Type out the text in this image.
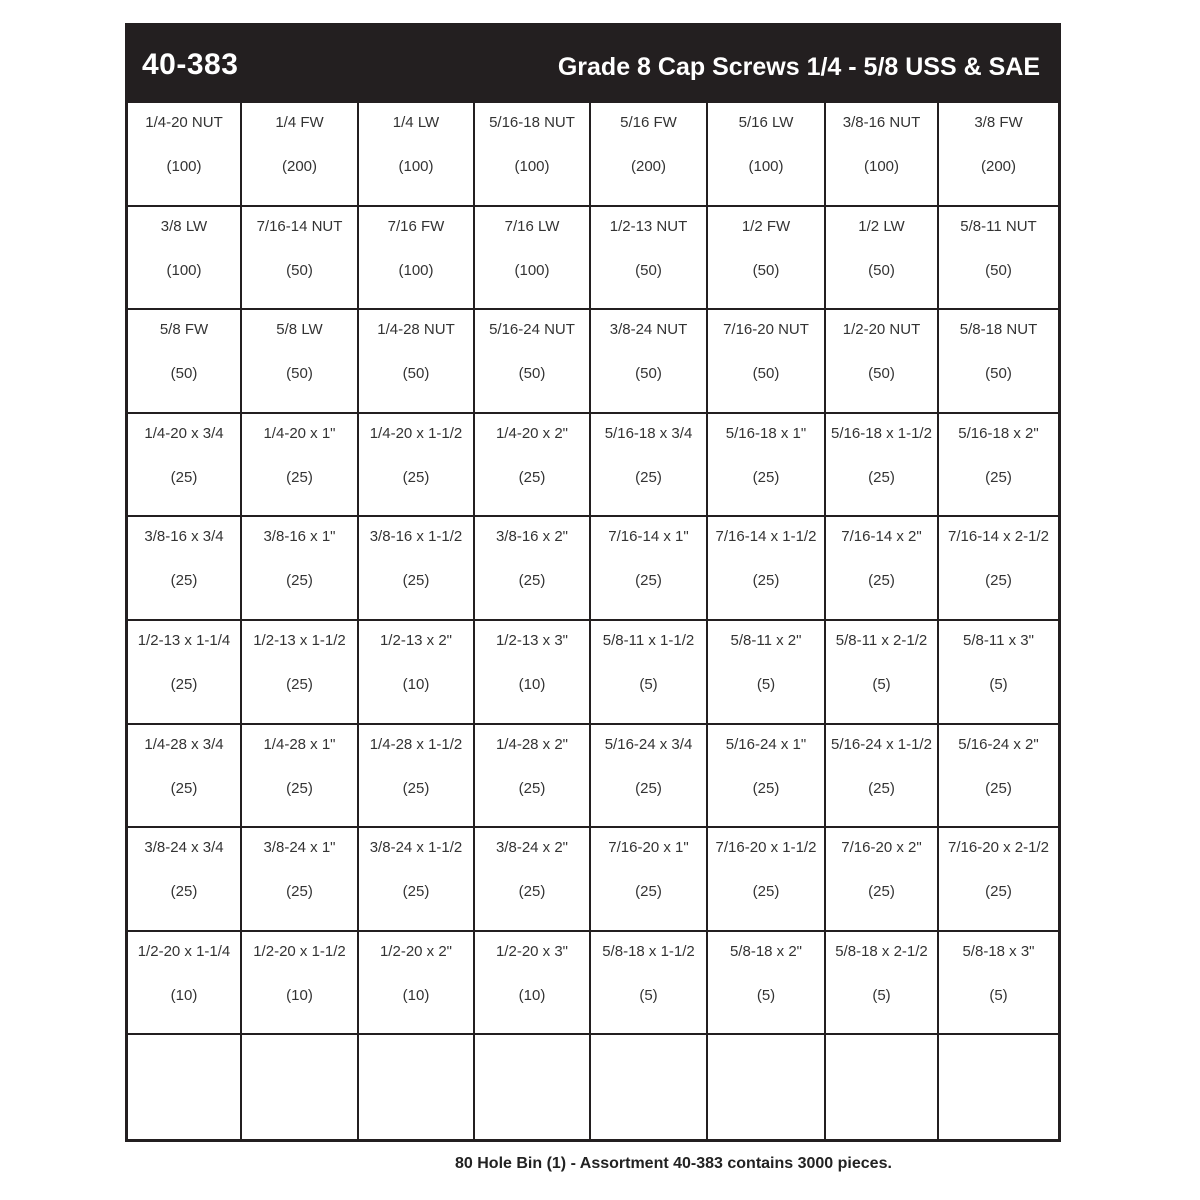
40-383	Grade 8 Cap Screws 1/4 - 5/8 USS & SAE
1/4-20 NUT
(100)
1/4 FW
(200)
1/4 LW
(100)
5/16-18 NUT
(100)
5/16 FW
(200)
5/16 LW
(100)
3/8-16 NUT
(100)
3/8 FW
(200)
3/8 LW
(100)
7/16-14 NUT
(50)
7/16 FW
(100)
7/16 LW
(100)
1/2-13 NUT
(50)
1/2 FW
(50)
1/2 LW
(50)
5/8-11 NUT
(50)
5/8 FW
(50)
5/8 LW
(50)
1/4-28 NUT
(50)
5/16-24 NUT
(50)
3/8-24 NUT
(50)
7/16-20 NUT
(50)
1/2-20 NUT
(50)
5/8-18 NUT
(50)
1/4-20 x 3/4
(25)
1/4-20 x 1"
(25)
1/4-20 x 1-1/2
(25)
1/4-20 x 2"
(25)
5/16-18 x 3/4
(25)
5/16-18 x 1"
(25)
5/16-18 x 1-1/2
(25)
5/16-18 x 2"
(25)
3/8-16 x 3/4
(25)
3/8-16 x 1"
(25)
3/8-16 x 1-1/2
(25)
3/8-16 x 2"
(25)
7/16-14 x 1"
(25)
7/16-14 x 1-1/2
(25)
7/16-14 x 2"
(25)
7/16-14 x 2-1/2
(25)
1/2-13 x 1-1/4
(25)
1/2-13 x 1-1/2
(25)
1/2-13 x 2"
(10)
1/2-13 x 3"
(10)
5/8-11 x 1-1/2
(5)
5/8-11 x 2"
(5)
5/8-11 x 2-1/2
(5)
5/8-11 x 3"
(5)
1/4-28 x 3/4
(25)
1/4-28 x 1"
(25)
1/4-28 x 1-1/2
(25)
1/4-28 x 2"
(25)
5/16-24 x 3/4
(25)
5/16-24 x 1"
(25)
5/16-24 x 1-1/2
(25)
5/16-24 x 2"
(25)
3/8-24 x 3/4
(25)
3/8-24 x 1"
(25)
3/8-24 x 1-1/2
(25)
3/8-24 x 2"
(25)
7/16-20 x 1"
(25)
7/16-20 x 1-1/2
(25)
7/16-20 x 2"
(25)
7/16-20 x 2-1/2
(25)
1/2-20 x 1-1/4
(10)
1/2-20 x 1-1/2
(10)
1/2-20 x 2"
(10)
1/2-20 x 3"
(10)
5/8-18 x 1-1/2
(5)
5/8-18 x 2"
(5)
5/8-18 x 2-1/2
(5)
5/8-18 x 3"
(5)
80 Hole Bin (1) - Assortment 40-383 contains 3000 pieces.
